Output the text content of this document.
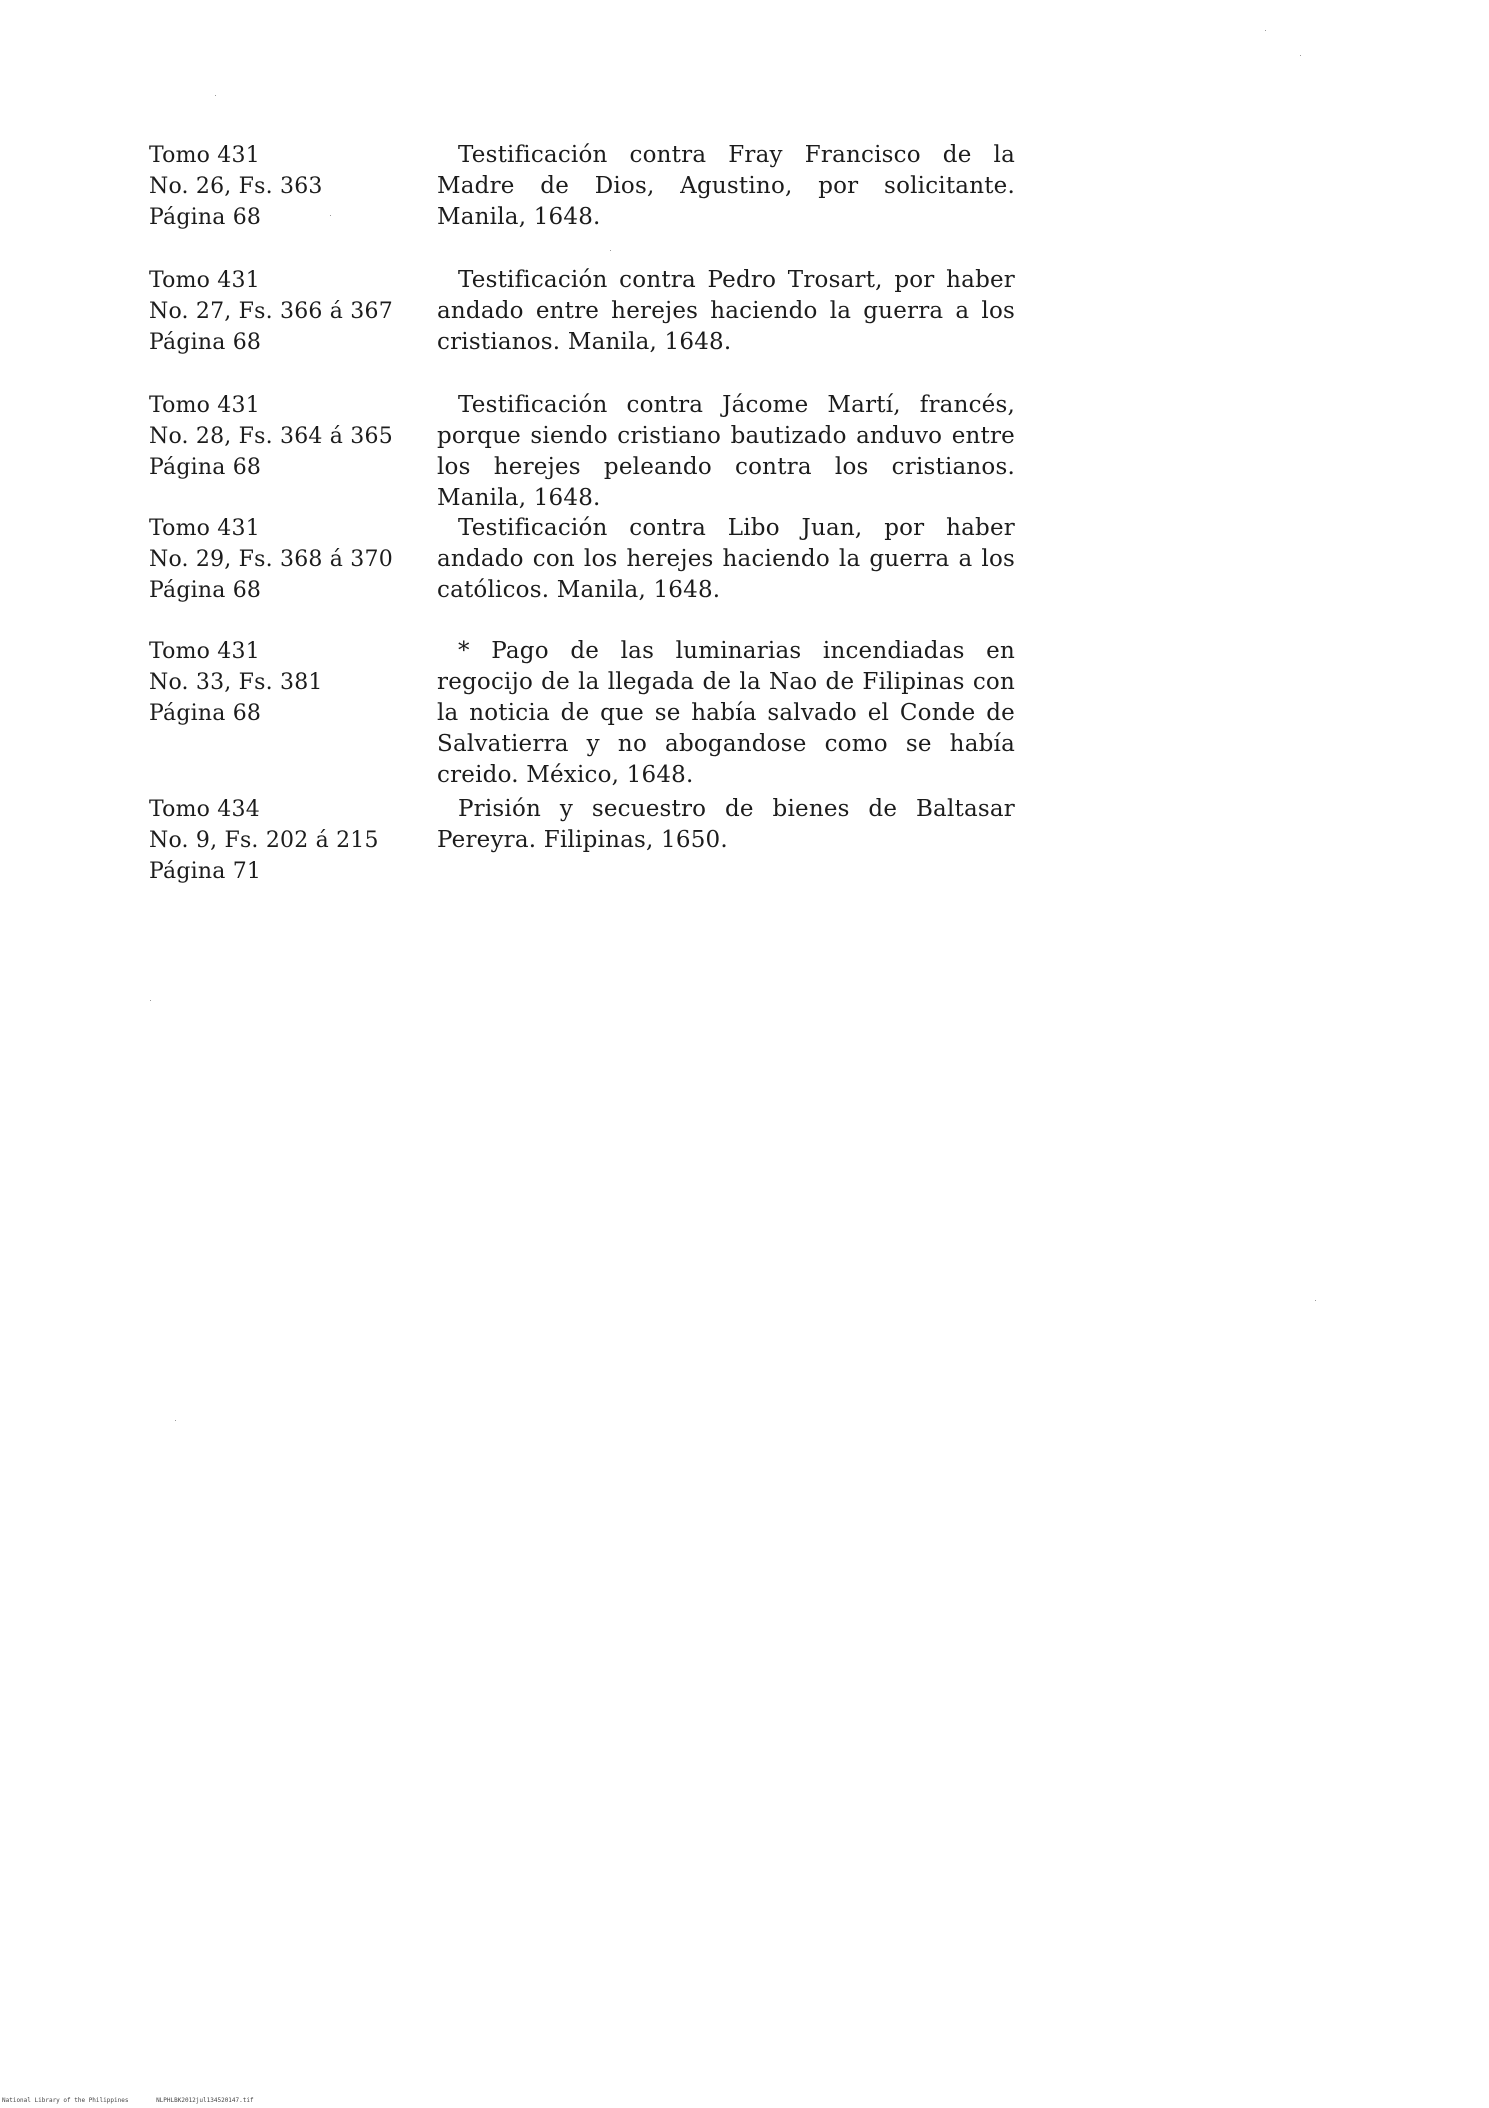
Tomo 431
No. 26, Fs. 363
Página 68
Testificación contra Fray Francisco de la Madre de Dios, Agustino, por solicitante. Manila, 1648.
Tomo 431
No. 27, Fs. 366 á 367
Página 68
Testificación contra Pedro Trosart, por haber andado entre herejes haciendo la guerra a los cristianos. Manila, 1648.
Tomo 431
No. 28, Fs. 364 á 365
Página 68
Testificación contra Jácome Martí, francés, porque siendo cristiano bautizado anduvo entre los herejes peleando contra los cristianos. Manila, 1648.
Tomo 431
No. 29, Fs. 368 á 370
Página 68
Testificación contra Libo Juan, por haber andado con los herejes haciendo la guerra a los católicos. Manila, 1648.
Tomo 431
No. 33, Fs. 381
Página 68
* Pago de las luminarias incendiadas en regocijo de la llegada de la Nao de Filipinas con la noticia de que se había salvado el Conde de Salvatierra y no abogandose como se había creido. México, 1648.
Tomo 434
No. 9, Fs. 202 á 215
Página 71
Prisión y secuestro de bienes de Baltasar Pereyra. Filipinas, 1650.
National Library of the Philippines	NLPHLBK2012jul134520147.tif
